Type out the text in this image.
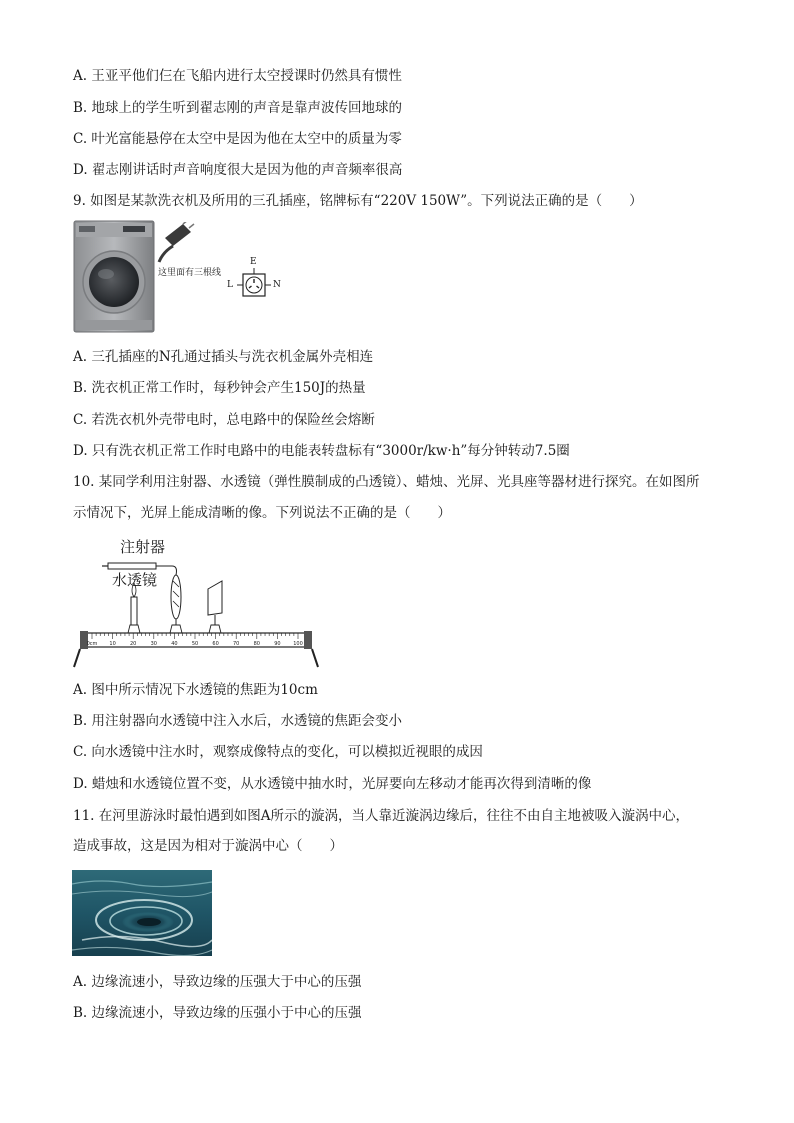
A. 王亚平他们仨在飞船内进行太空授课时仍然具有惯性
B. 地球上的学生听到翟志刚的声音是靠声波传回地球的
C. 叶光富能悬停在太空中是因为他在太空中的质量为零
D. 翟志刚讲话时声音响度很大是因为他的声音频率很高
9. 如图是某款洗衣机及所用的三孔插座，铭牌标有“220V 150W”。下列说法正确的是（　　）
这里面有三根线
E
L	N
A. 三孔插座的N孔通过插头与洗衣机金属外壳相连
B. 洗衣机正常工作时，每秒钟会产生150J的热量
C. 若洗衣机外壳带电时，总电路中的保险丝会熔断
D. 只有洗衣机正常工作时电路中的电能表转盘标有“3000r/kw·h”每分钟转动7.5圈
10. 某同学利用注射器、水透镜（弹性膜制成的凸透镜）、蜡烛、光屏、光具座等器材进行探究。在如图所
示情况下，光屏上能成清晰的像。下列说法不正确的是（　　）
0cm 10	20	30	40	50	60	70	80	90	100
注射器
水透镜
A. 图中所示情况下水透镜的焦距为10cm
B. 用注射器向水透镜中注入水后，水透镜的焦距会变小
C. 向水透镜中注水时，观察成像特点的变化，可以模拟近视眼的成因
D. 蜡烛和水透镜位置不变，从水透镜中抽水时，光屏要向左移动才能再次得到清晰的像
11. 在河里游泳时最怕遇到如图A所示的漩涡，当人靠近漩涡边缘后，往往不由自主地被吸入漩涡中心，
造成事故，这是因为相对于漩涡中心（　　）
A. 边缘流速小，导致边缘的压强大于中心的压强
B. 边缘流速小，导致边缘的压强小于中心的压强
